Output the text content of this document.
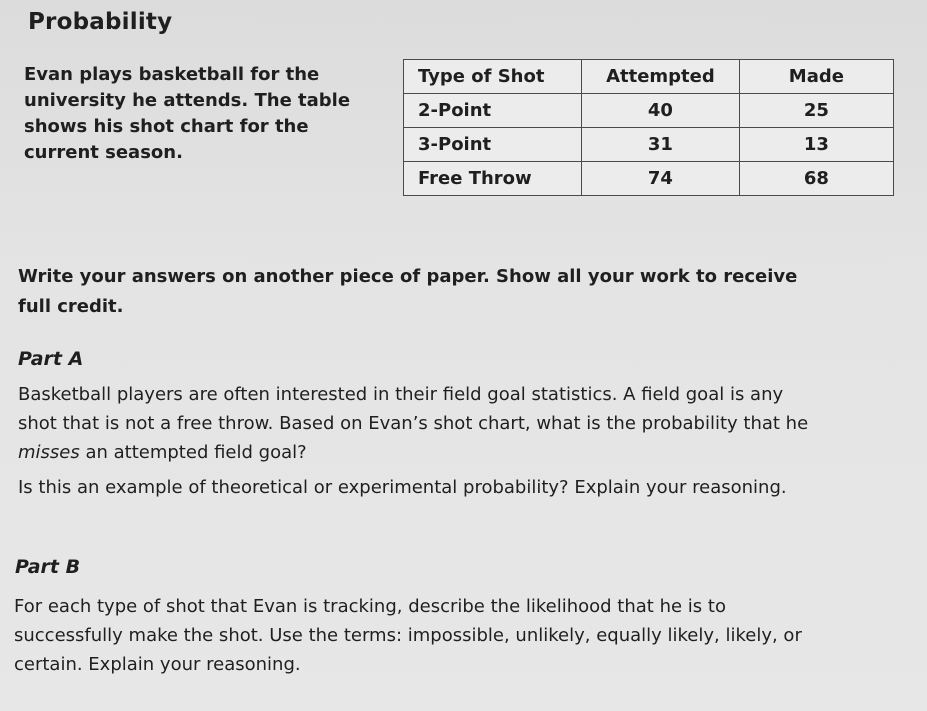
Probability
Evan plays basketball for the
university he attends. The table
shows his shot chart for the
current season.
Type of Shot	Attempted	Made
2-Point	40	25
3-Point	31	13
Free Throw	74	68
Write your answers on another piece of paper. Show all your work to receive
full credit.
Part A
Basketball players are often interested in their field goal statistics. A field goal is any
shot that is not a free throw. Based on Evan’s shot chart, what is the probability that he
misses an attempted field goal?
Is this an example of theoretical or experimental probability? Explain your reasoning.
Part B
For each type of shot that Evan is tracking, describe the likelihood that he is to
successfully make the shot. Use the terms: impossible, unlikely, equally likely, likely, or
certain. Explain your reasoning.
